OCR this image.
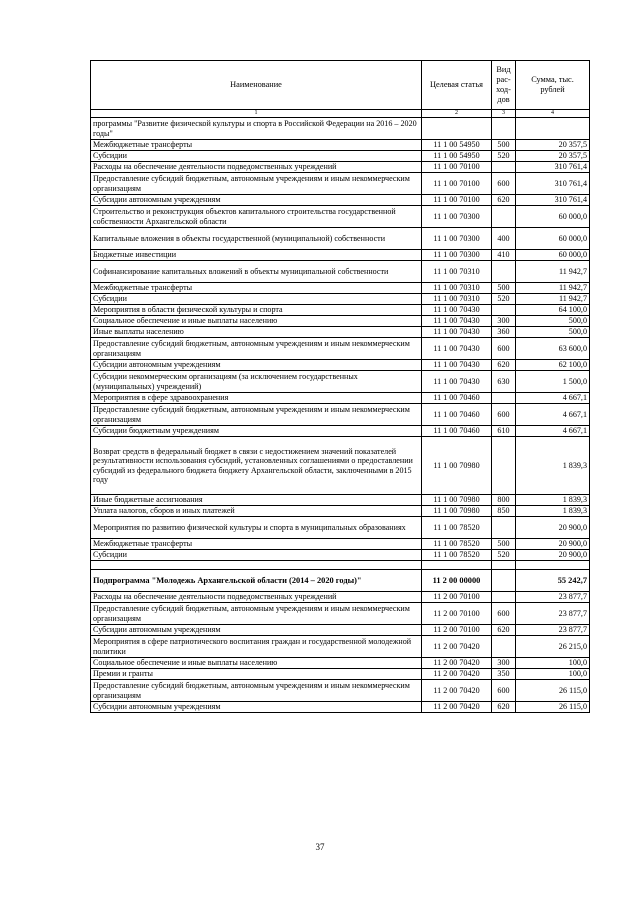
Наименование	Целевая статья	Вид рас-ход-дов	Сумма, тыс. рублей
1	2	3	4
программы "Развитие физической культуры и спорта в Российской Федерации на 2016 – 2020 годы"			
Межбюджетные трансферты	11 1 00 54950	500	20 357,5
Субсидии	11 1 00 54950	520	20 357,5
Расходы на обеспечение деятельности подведомственных учреждений	11 1 00 70100		310 761,4
Предоставление субсидий бюджетным, автономным учреждениям и иным некоммерческим организациям	11 1 00 70100	600	310 761,4
Субсидии автономным учреждениям	11 1 00 70100	620	310 761,4
Строительство и реконструкция объектов капитального строительства государственной собственности Архангельской области	11 1 00 70300		60 000,0
Капитальные вложения в объекты государственной (муниципальной) собственности	11 1 00 70300	400	60 000,0
Бюджетные инвестиции	11 1 00 70300	410	60 000,0
Софинансирование капитальных вложений в объекты муниципальной собственности	11 1 00 70310		11 942,7
Межбюджетные трансферты	11 1 00 70310	500	11 942,7
Субсидии	11 1 00 70310	520	11 942,7
Мероприятия в области физической культуры и спорта	11 1 00 70430		64 100,0
Социальное обеспечение и иные выплаты населению	11 1 00 70430	300	500,0
Иные выплаты населению	11 1 00 70430	360	500,0
Предоставление субсидий бюджетным, автономным учреждениям и иным некоммерческим организациям	11 1 00 70430	600	63 600,0
Субсидии автономным учреждениям	11 1 00 70430	620	62 100,0
Субсидии некоммерческим организациям (за исключением государственных (муниципальных) учреждений)	11 1 00 70430	630	1 500,0
Мероприятия в сфере здравоохранения	11 1 00 70460		4 667,1
Предоставление субсидий бюджетным, автономным учреждениям и иным некоммерческим организациям	11 1 00 70460	600	4 667,1
Субсидии бюджетным учреждениям	11 1 00 70460	610	4 667,1
Возврат средств в федеральный бюджет в связи с недостижением значений показателей результативности использования субсидий, установленных соглашениями о предоставлении субсидий из федерального бюджета бюджету Архангельской области, заключенными в 2015 году	11 1 00 70980		1 839,3
Иные бюджетные ассигнования	11 1 00 70980	800	1 839,3
Уплата налогов, сборов и иных платежей	11 1 00 70980	850	1 839,3
Мероприятия по развитию физической культуры и спорта в муниципальных образованиях	11 1 00 78520		20 900,0
Межбюджетные трансферты	11 1 00 78520	500	20 900,0
Субсидии	11 1 00 78520	520	20 900,0

Подпрограмма "Молодежь Архангельской области (2014 – 2020 годы)"	11 2 00 00000		55 242,7
Расходы на обеспечение деятельности подведомственных учреждений	11 2 00 70100		23 877,7
Предоставление субсидий бюджетным, автономным учреждениям и иным некоммерческим организациям	11 2 00 70100	600	23 877,7
Субсидии автономным учреждениям	11 2 00 70100	620	23 877,7
Мероприятия в сфере патриотического воспитания граждан и государственной молодежной политики	11 2 00 70420		26 215,0
Социальное обеспечение и иные выплаты населению	11 2 00 70420	300	100,0
Премии и гранты	11 2 00 70420	350	100,0
Предоставление субсидий бюджетным, автономным учреждениям и иным некоммерческим организациям	11 2 00 70420	600	26 115,0
Субсидии автономным учреждениям	11 2 00 70420	620	26 115,0
37
